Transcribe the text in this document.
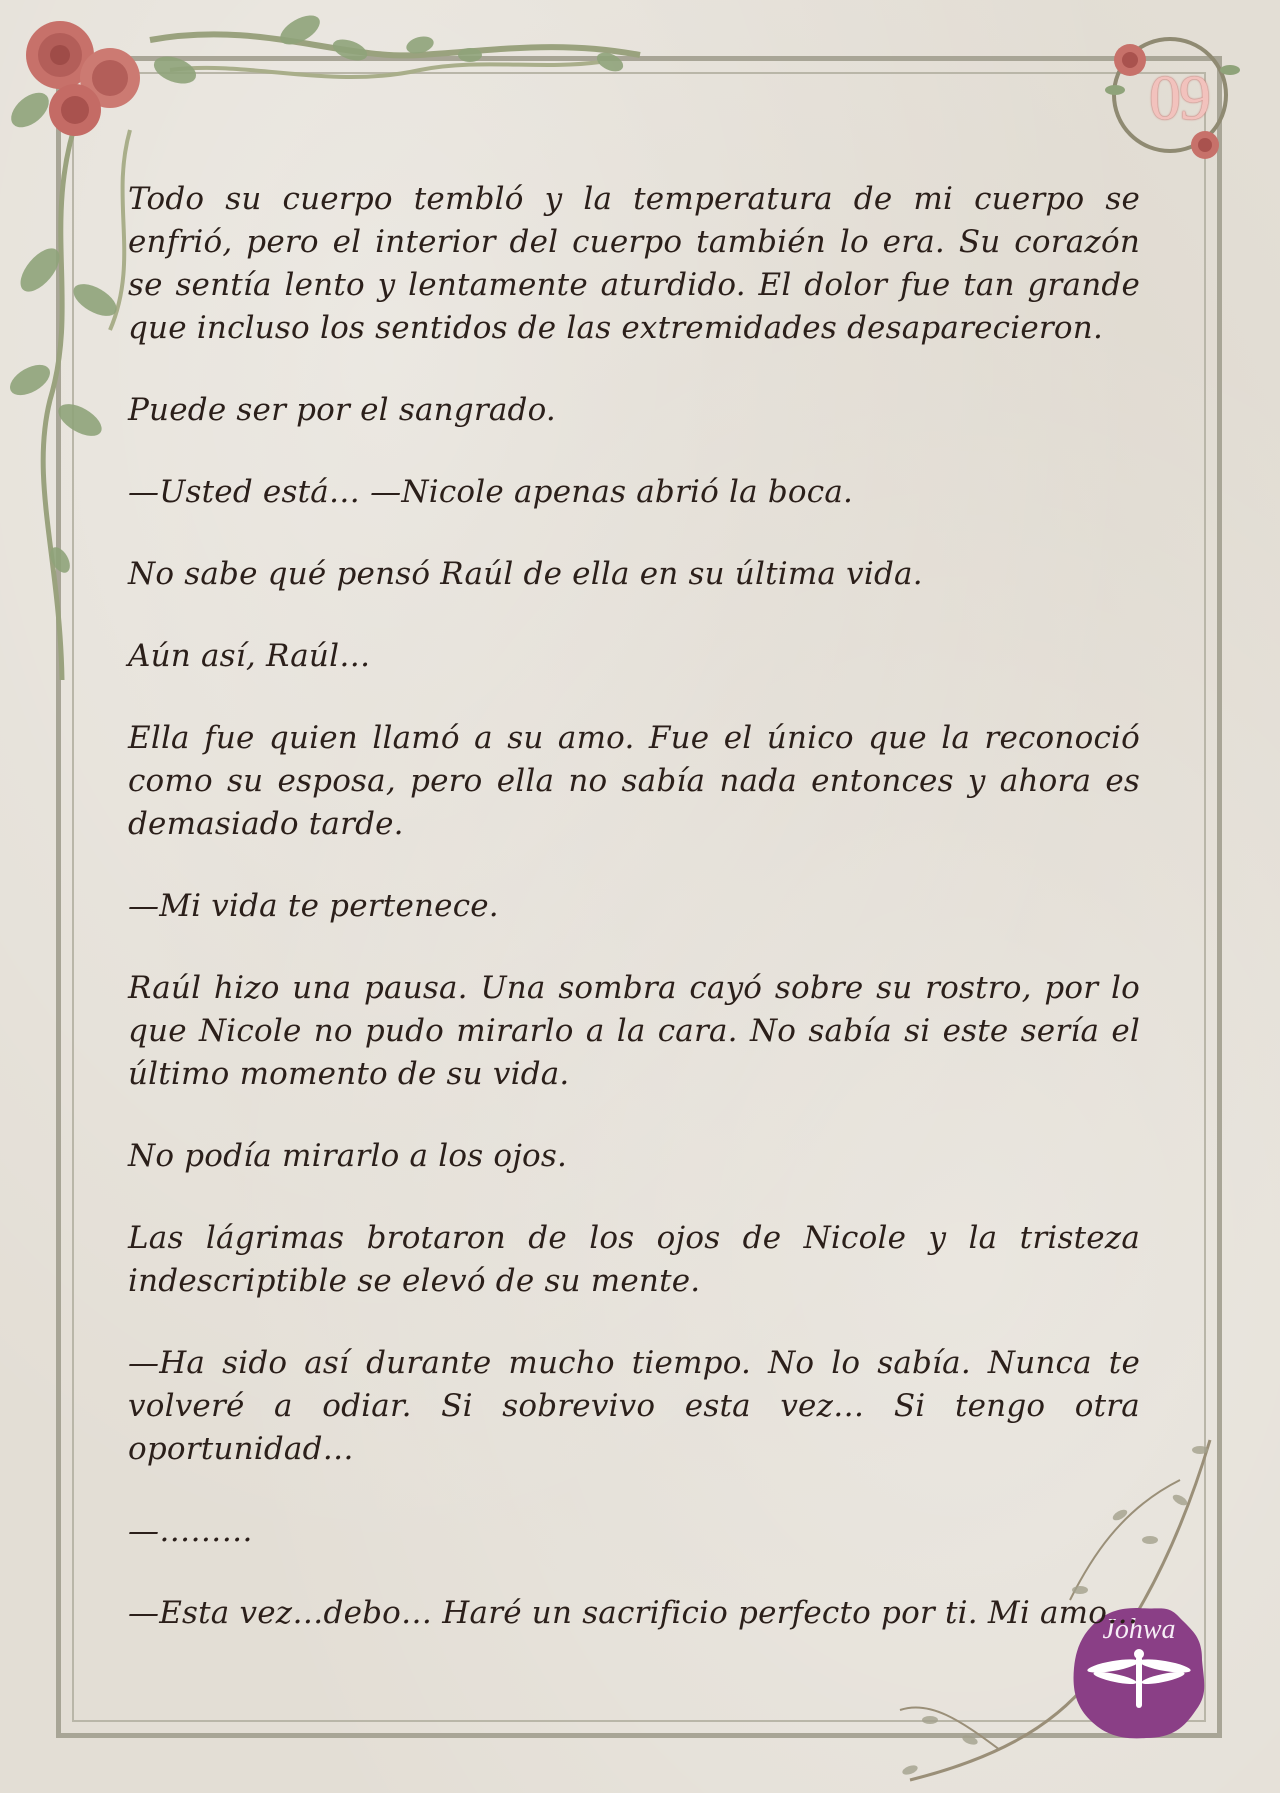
09
Johwa

Todo su cuerpo tembló y la temperatura de mi cuerpo se enfrió, pero el interior del cuerpo también lo era. Su corazón se sentía lento y lentamente aturdido. El dolor fue tan grande que incluso los sentidos de las extremidades desaparecieron.

Puede ser por el sangrado.

—Usted está… —Nicole apenas abrió la boca.

No sabe qué pensó Raúl de ella en su última vida.

Aún así, Raúl…

Ella fue quien llamó a su amo. Fue el único que la reconoció como su esposa, pero ella no sabía nada entonces y ahora es demasiado tarde.

—Mi vida te pertenece.

Raúl hizo una pausa. Una sombra cayó sobre su rostro, por lo que Nicole no pudo mirarlo a la cara. No sabía si este sería el último momento de su vida.

No podía mirarlo a los ojos.

Las lágrimas brotaron de los ojos de Nicole y la tristeza indescriptible se elevó de su mente.

—Ha sido así durante mucho tiempo. No lo sabía. Nunca te volveré a odiar. Si sobrevivo esta vez… Si tengo otra oportunidad…

—………

—Esta vez…debo… Haré un sacrificio perfecto por ti. Mi amo…
